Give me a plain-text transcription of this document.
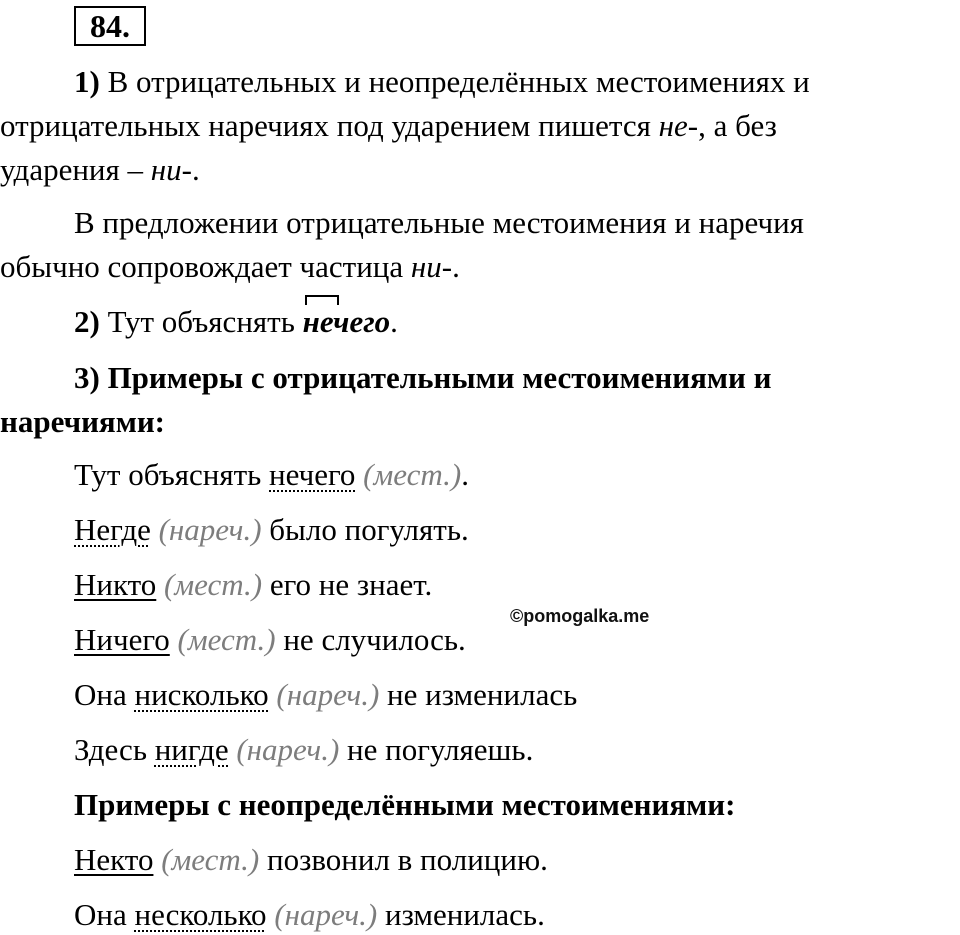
84.
1) В отрицательных и неопределённых местоимениях и
отрицательных наречиях под ударением пишется не-, а без
ударения – ни-.
В предложении отрицательные местоимения и наречия
обычно сопровождает частица ни-.
2) Тут объяснять
нечего.
3) Примеры с отрицательными местоимениями и
наречиями:
Тут объяснять нечего (мест.).
Негде (нареч.) было погулять.
Никто (мест.) его не знает.
Ничего (мест.) не случилось.
Она нисколько (нареч.) не изменилась
Здесь нигде (нареч.) не погуляешь.
Примеры с неопределёнными местоимениями:
Некто (мест.) позвонил в полицию.
Она несколько (нареч.) изменилась.
©pomogalka.me
